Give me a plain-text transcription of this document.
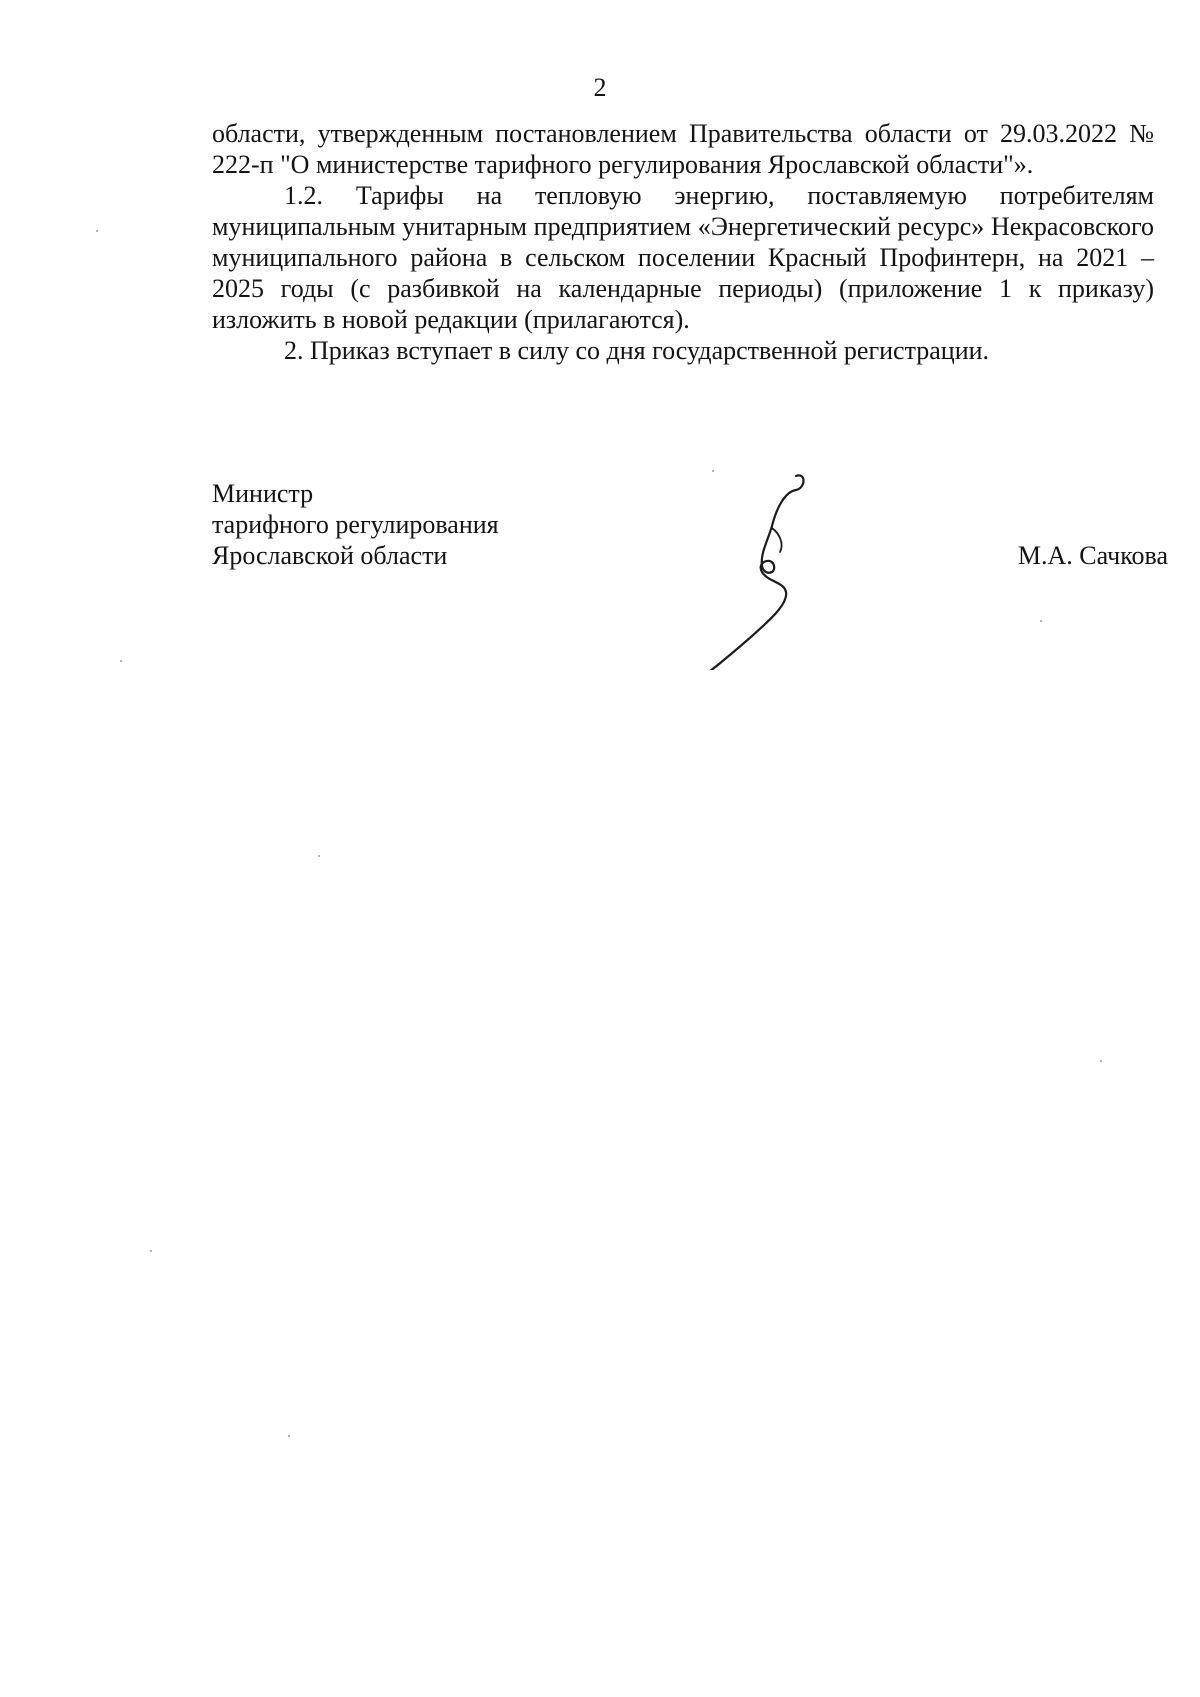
2

области, утвержденным постановлением Правительства области от 29.03.2022 № 222-п "О министерстве тарифного регулирования Ярославской области"».

1.2. Тарифы на тепловую энергию, поставляемую потребителям муниципальным унитарным предприятием «Энергетический ресурс» Некрасовского муниципального района в сельском поселении Красный Профинтерн, на 2021 – 2025 годы (с разбивкой на календарные периоды) (приложение 1 к приказу) изложить в новой редакции (прилагаются).

2. Приказ вступает в силу со дня государственной регистрации.

Министр
тарифного регулирования
Ярославской области	М.А. Сачкова
